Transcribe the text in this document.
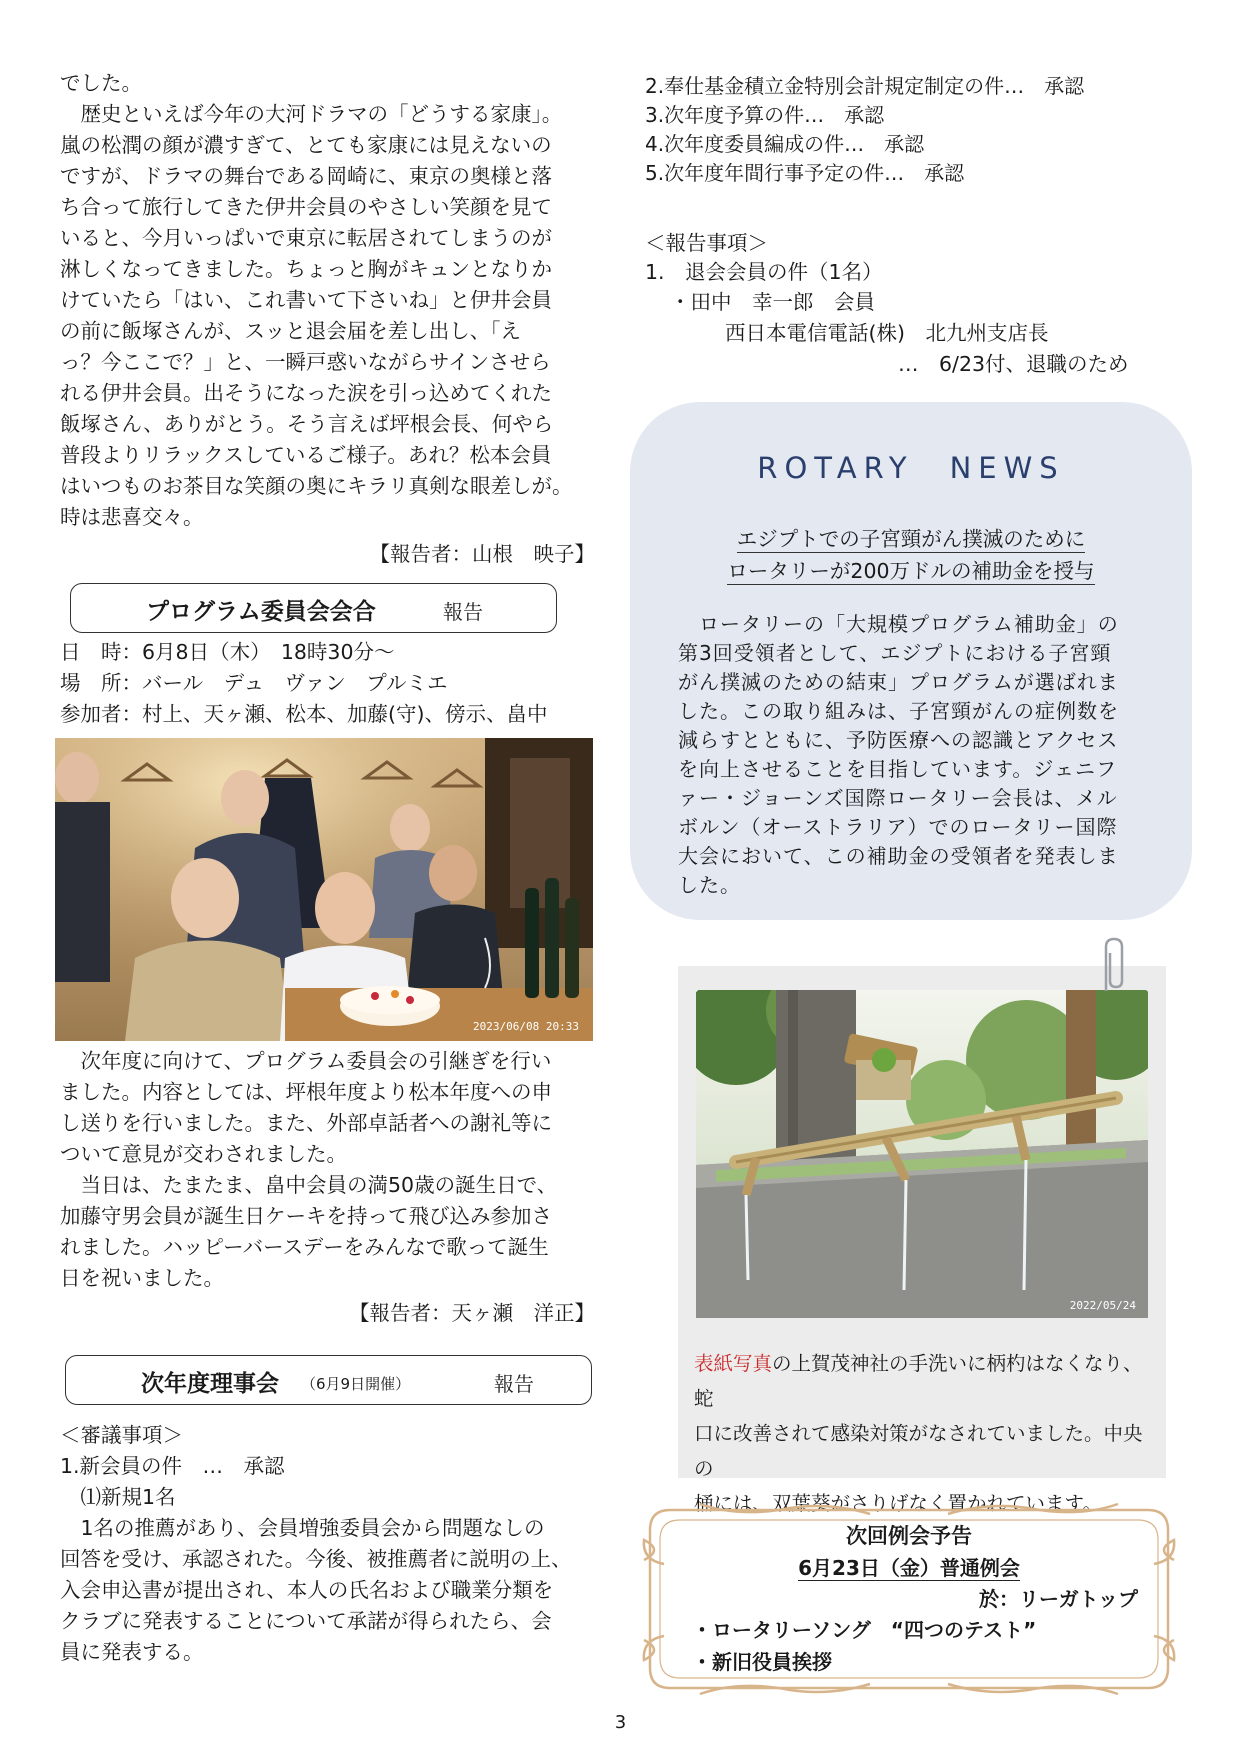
でした。

　歴史といえば今年の大河ドラマの「どうする家康」。

嵐の松潤の顔が濃すぎて、とても家康には見えないの

ですが、ドラマの舞台である岡崎に、東京の奥様と落

ち合って旅行してきた伊井会員のやさしい笑顔を見て

いると、今月いっぱいで東京に転居されてしまうのが

淋しくなってきました。ちょっと胸がキュンとなりか

けていたら「はい、これ書いて下さいね」と伊井会員

の前に飯塚さんが、スッと退会届を差し出し、「え

っ？今ここで？」と、一瞬戸惑いながらサインさせら

れる伊井会員。出そうになった涙を引っ込めてくれた

飯塚さん、ありがとう。そう言えば坪根会長、何やら

普段よりリラックスしているご様子。あれ？松本会員

はいつものお茶目な笑顔の奥にキラリ真剣な眼差しが。

時は悲喜交々。

【報告者：山根　映子】

プログラム委員会会合	報告

日　時：6月8日（木）　18時30分～

場　所：バール　デュ　ヴァン　プルミエ

参加者：村上、天ヶ瀬、松本、加藤(守)、傍示、畠中

2023/06/08 20:33

　次年度に向けて、プログラム委員会の引継ぎを行い

ました。内容としては、坪根年度より松本年度への申

し送りを行いました。また、外部卓話者への謝礼等に

ついて意見が交わされました。

　当日は、たまたま、畠中会員の満50歳の誕生日で、

加藤守男会員が誕生日ケーキを持って飛び込み参加さ

れました。ハッピーバースデーをみんなで歌って誕生

日を祝いました。

【報告者：天ヶ瀬　洋正】

次年度理事会 （6月9日開催）	報告

＜審議事項＞

1.新会員の件　…　承認

　⑴新規1名

　1名の推薦があり、会員増強委員会から問題なしの

回答を受け、承認された。今後、被推薦者に説明の上、

入会申込書が提出され、本人の氏名および職業分類を

クラブに発表することについて承諾が得られたら、会

員に発表する。

2.奉仕基金積立金特別会計規定制定の件…　承認

3.次年度予算の件…　承認

4.次年度委員編成の件…　承認

5.次年度年間行事予定の件…　承認

＜報告事項＞

1.　退会会員の件（1名）

・田中　幸一郎　会員

西日本電信電話(株)　北九州支店長

…　6/23付、退職のため

ROTARY　NEWS
エジプトでの子宮頸がん撲滅のために
ロータリーが200万ドルの補助金を授与

　ロータリーの「大規模プログラム補助金」の

第3回受領者として、エジプトにおける子宮頸

がん撲滅のための結束」プログラムが選ばれま

した。この取り組みは、子宮頸がんの症例数を

減らすとともに、予防医療への認識とアクセス

を向上させることを目指しています。ジェニフ

ァー・ジョーンズ国際ロータリー会長は、メル

ボルン（オーストラリア）でのロータリー国際

大会において、この補助金の受領者を発表しま

した。

2022/05/24
表紙写真の上賀茂神社の手洗いに柄杓はなくなり、蛇
口に改善されて感染対策がなされていました。中央の
桶には、双葉葵がさりげなく置かれています。
次回例会予告
6月23日（金）普通例会
於：リーガトップ
・ロータリーソング　“四つのテスト”
・新旧役員挨拶
3
